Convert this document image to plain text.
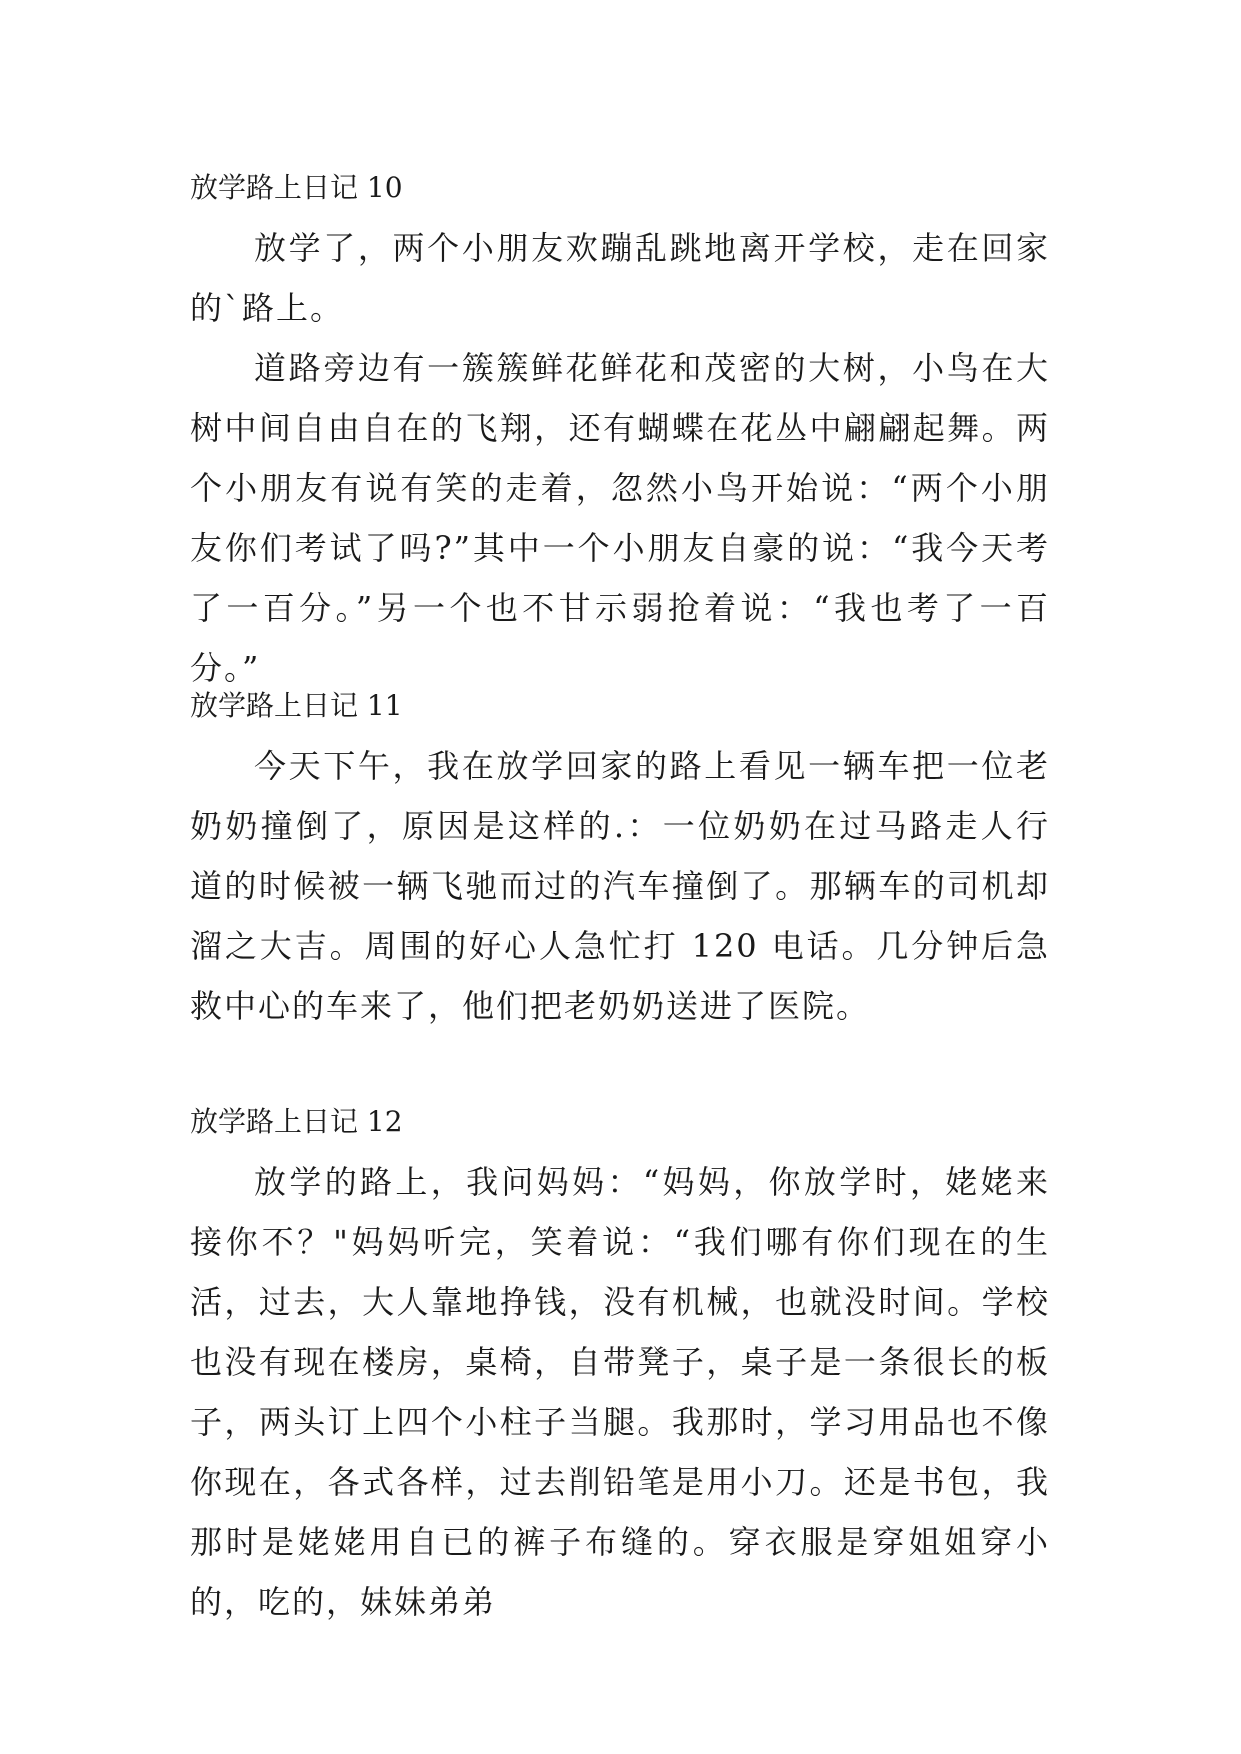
放学路上日记 10

放学了，两个小朋友欢蹦乱跳地离开学校，走在回家的`路上。

道路旁边有一簇簇鲜花鲜花和茂密的大树，小鸟在大树中间自由自在的飞翔，还有蝴蝶在花丛中翩翩起舞。两个小朋友有说有笑的走着，忽然小鸟开始说：“两个小朋友你们考试了吗?”其中一个小朋友自豪的说：“我今天考了一百分。”另一个也不甘示弱抢着说：“我也考了一百分。”

放学路上日记 11

今天下午，我在放学回家的路上看见一辆车把一位老奶奶撞倒了，原因是这样的.：一位奶奶在过马路走人行道的时候被一辆飞驰而过的汽车撞倒了。那辆车的司机却溜之大吉。周围的好心人急忙打 120 电话。几分钟后急救中心的车来了，他们把老奶奶送进了医院。

放学路上日记 12

放学的路上，我问妈妈：“妈妈，你放学时，姥姥来接你不？"妈妈听完，笑着说：“我们哪有你们现在的生活，过去，大人靠地挣钱，没有机械，也就没时间。学校也没有现在楼房，桌椅，自带凳子，桌子是一条很长的板子，两头订上四个小柱子当腿。我那时，学习用品也不像你现在，各式各样，过去削铅笔是用小刀。还是书包，我那时是姥姥用自已的裤子布缝的。穿衣服是穿姐姐穿小的，吃的，妹妹弟弟
